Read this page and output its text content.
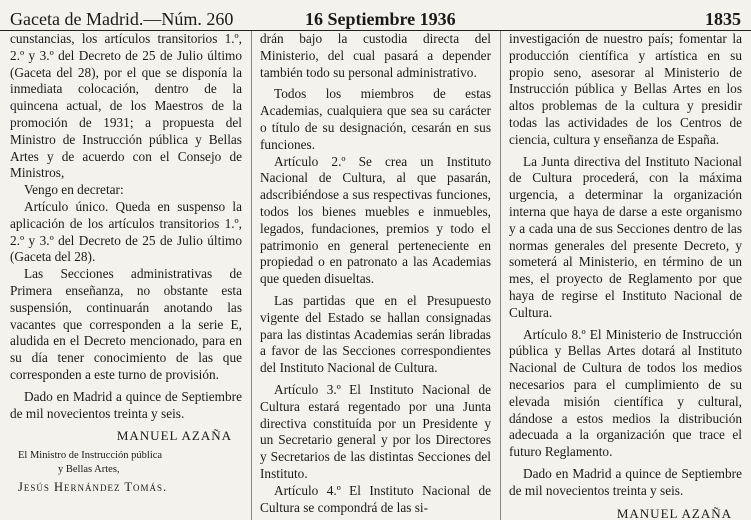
Gaceta de Madrid.—Núm. 260	16 Septiembre 1936	1835

cunstancias, los artículos transitorios 1.º, 2.º y 3.º del Decreto de 25 de Julio último (Gaceta del 28), por el que se disponía la inmediata colocación, dentro de la quincena actual, de los Maestros de la promoción de 1931; a propuesta del Ministro de Instrucción pública y Bellas Artes y de acuerdo con el Consejo de Ministros,

Vengo en decretar:

Artículo único. Queda en suspenso la aplicación de los artículos transitorios 1.º, 2.º y 3.º del Decreto de 25 de Julio último (Gaceta del 28).

Las Secciones administrativas de Primera enseñanza, no obstante esta suspensión, continuarán anotando las vacantes que corresponden a la serie E, aludida en el Decreto mencionado, para en su día tener conocimiento de las que corresponden a este turno de provisión.

Dado en Madrid a quince de Septiembre de mil novecientos treinta y seis.

MANUEL AZAÑA
El Ministro de Instrucción pública
y Bellas Artes,
Jesús Hernández Tomás.

drán bajo la custodia directa del Ministerio, del cual pasará a depender también todo su personal administrativo.

Todos los miembros de estas Academias, cualquiera que sea su carácter o título de su designación, cesarán en sus funciones.

Artículo 2.º Se crea un Instituto Nacional de Cultura, al que pasarán, adscribiéndose a sus respectivas funciones, todos los bienes muebles e inmuebles, legados, fundaciones, premios y todo el patrimonio en general perteneciente en propiedad o en patronato a las Academias que queden disueltas.

Las partidas que en el Presupuesto vigente del Estado se hallan consignadas para las distintas Academias serán libradas a favor de las Secciones correspondientes del Instituto Nacional de Cultura.

Artículo 3.º El Instituto Nacional de Cultura estará regentado por una Junta directiva constituída por un Presidente y un Secretario general y por los Directores y Secretarios de las distintas Secciones del Instituto.

Artículo 4.º El Instituto Nacional de Cultura se compondrá de las si-

investigación de nuestro país; fomentar la producción científica y artística en su propio seno, asesorar al Ministerio de Instrucción pública y Bellas Artes en los altos problemas de la cultura y presidir todas las actividades de los Centros de ciencia, cultura y enseñanza de España.

La Junta directiva del Instituto Nacional de Cultura procederá, con la máxima urgencia, a determinar la organización interna que haya de darse a este organismo y a cada una de sus Secciones dentro de las normas generales del presente Decreto, y someterá al Ministerio, en término de un mes, el proyecto de Reglamento por que haya de regirse el Instituto Nacional de Cultura.

Artículo 8.º El Ministerio de Instrucción pública y Bellas Artes dotará al Instituto Nacional de Cultura de todos los medios necesarios para el cumplimiento de su elevada misión científica y cultural, dándose a estos medios la distribución adecuada a la organización que trace el futuro Reglamento.

Dado en Madrid a quince de Septiembre de mil novecientos treinta y seis.

MANUEL AZAÑA
